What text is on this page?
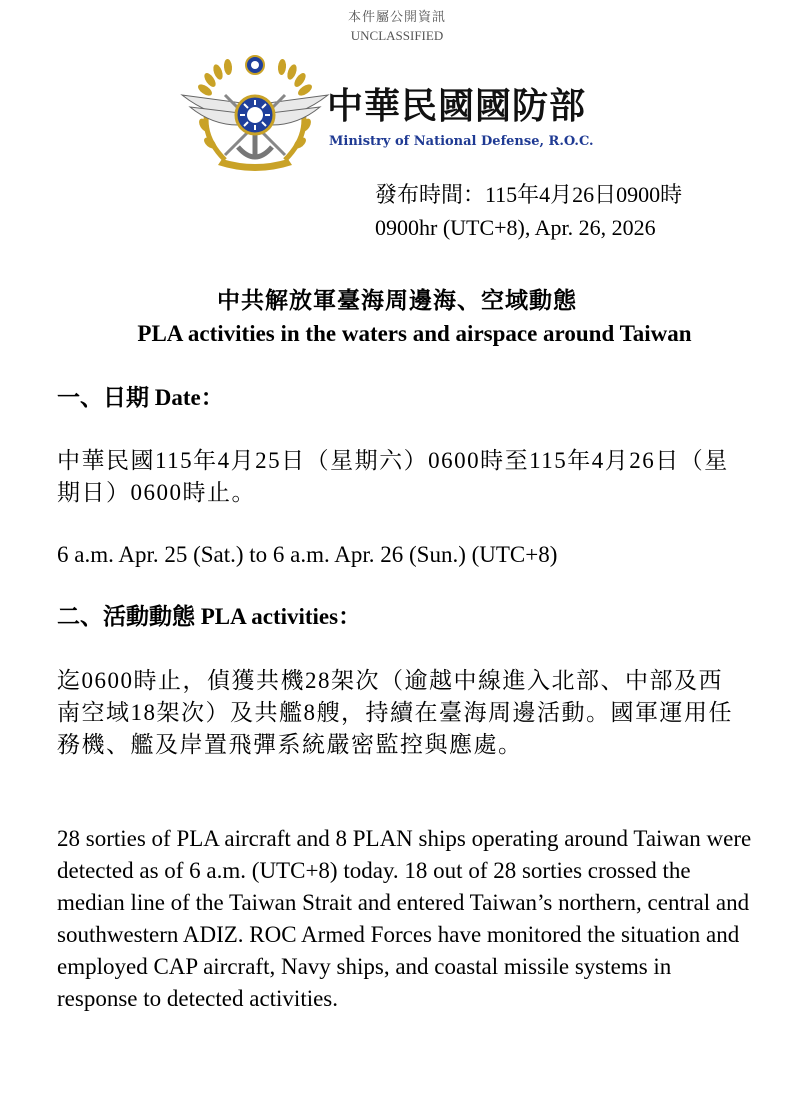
本件屬公開資訊
UNCLASSIFIED
中華民國國防部
Ministry of National Defense, R.O.C.
發布時間：115年4月26日0900時
0900hr (UTC+8), Apr. 26, 2026
中共解放軍臺海周邊海、空域動態
PLA activities in the waters and airspace around Taiwan
一、日期 Date：
中華民國115年4月25日（星期六）0600時至115年4月26日（星期日）0600時止。
6 a.m. Apr. 25 (Sat.) to 6 a.m. Apr. 26 (Sun.) (UTC+8)
二、活動動態 PLA activities：
迄0600時止，偵獲共機28架次（逾越中線進入北部、中部及西南空域18架次）及共艦8艘，持續在臺海周邊活動。國軍運用任務機、艦及岸置飛彈系統嚴密監控與應處。
28 sorties of PLA aircraft and 8 PLAN ships operating around Taiwan were detected as of 6 a.m. (UTC+8) today. 18 out of 28 sorties crossed the median line of the Taiwan Strait and entered Taiwan’s northern, central and southwestern ADIZ. ROC Armed Forces have monitored the situation and employed CAP aircraft, Navy ships, and coastal missile systems in response to detected activities.
